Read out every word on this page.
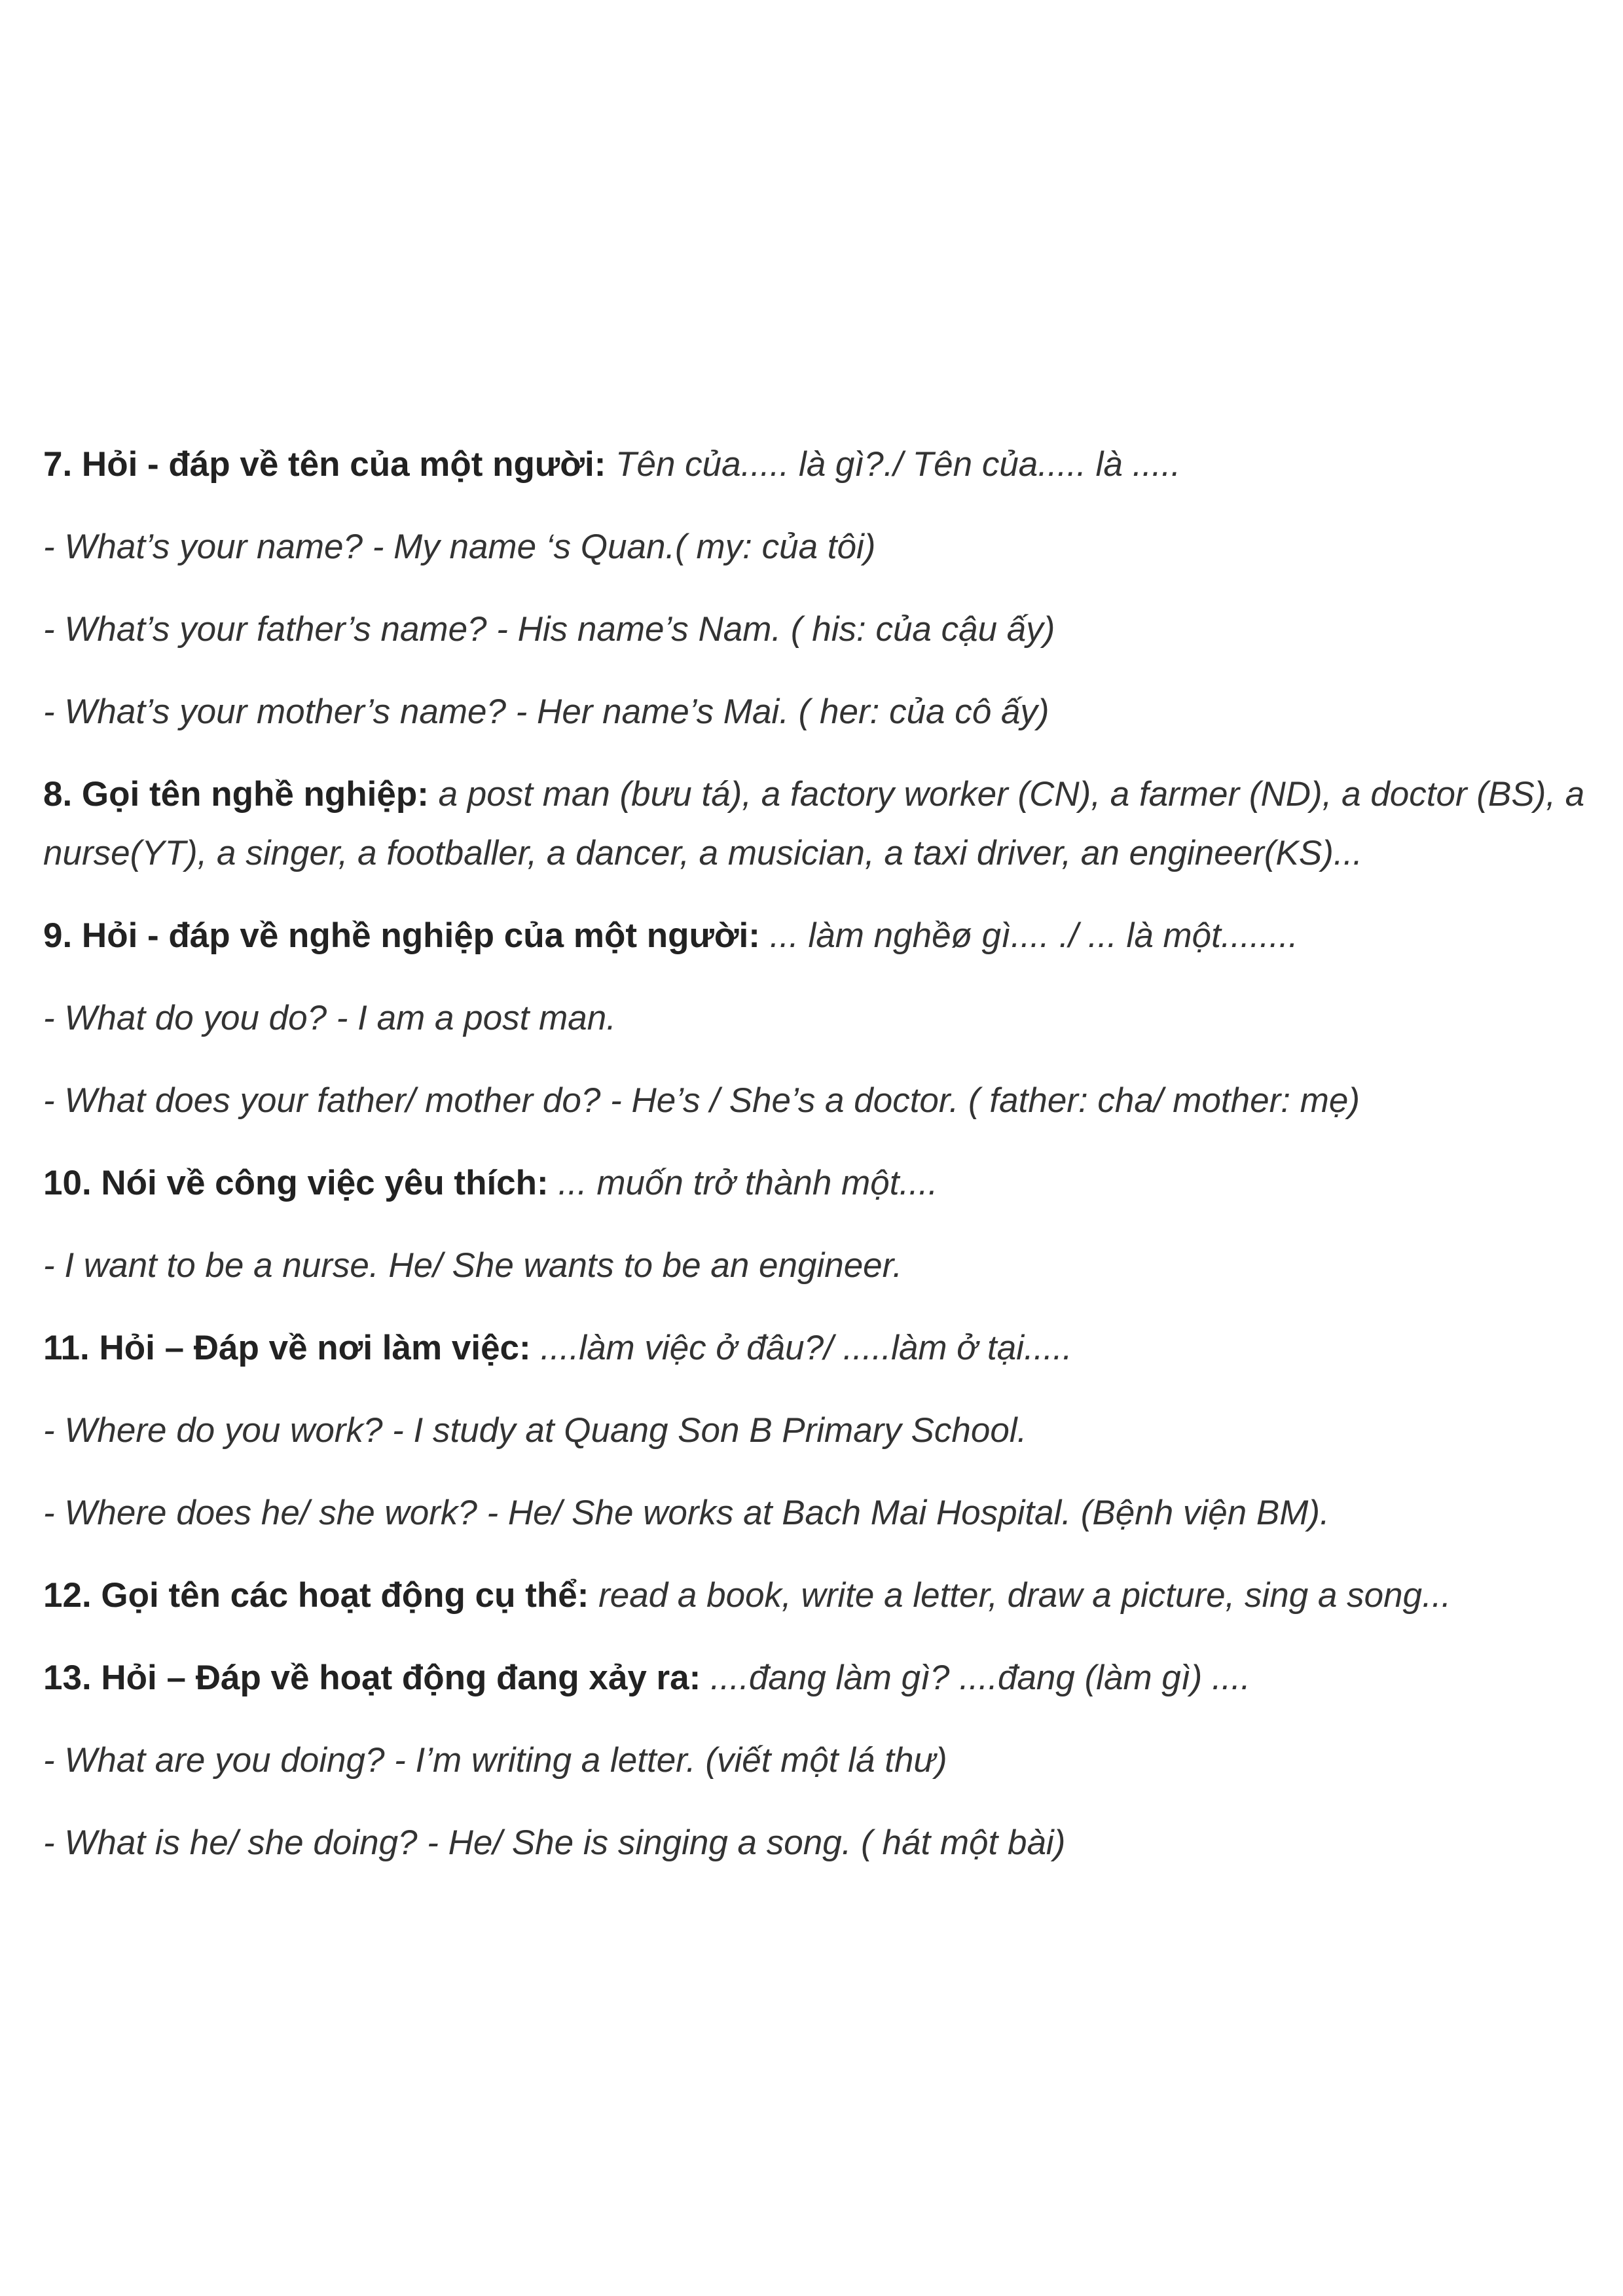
7. Hỏi - đáp về tên của một người: Tên của..... là gì?./ Tên của..... là .....
- What’s your name? - My name ‘s Quan.( my: của tôi)
- What’s your father’s name? - His name’s Nam. ( his: của cậu ấy)
- What’s your mother’s name? - Her name’s Mai. ( her: của cô ấy)
8. Gọi tên nghề nghiệp: a post man (bưu tá), a factory worker (CN), a farmer (ND), a doctor (BS), a nurse(YT), a singer, a footballer, a dancer, a musician, a taxi driver, an engineer(KS)...
9. Hỏi - đáp về nghề nghiệp của một người: ... làm nghềø gì.... ./ ... là một........
- What do you do? - I am a post man.
- What does your father/ mother do? - He’s / She’s a doctor. ( father: cha/ mother: mẹ)
10. Nói về công việc yêu thích: ... muốn trở thành một....
- I want to be a nurse. He/ She wants to be an engineer.
11. Hỏi – Đáp về nơi làm việc: ....làm việc ở đâu?/ .....làm ở tại.....
- Where do you work? - I study at Quang Son B Primary School.
- Where does he/ she work? - He/ She works at Bach Mai Hospital. (Bệnh viện BM).
12. Gọi tên các hoạt động cụ thể: read a book, write a letter, draw a picture, sing a song...
13. Hỏi – Đáp về hoạt động đang xảy ra: ....đang làm gì? ....đang (làm gì) ....
- What are you doing? - I’m writing a letter. (viết một lá thư)
- What is he/ she doing? - He/ She is singing a song. ( hát một bài)
